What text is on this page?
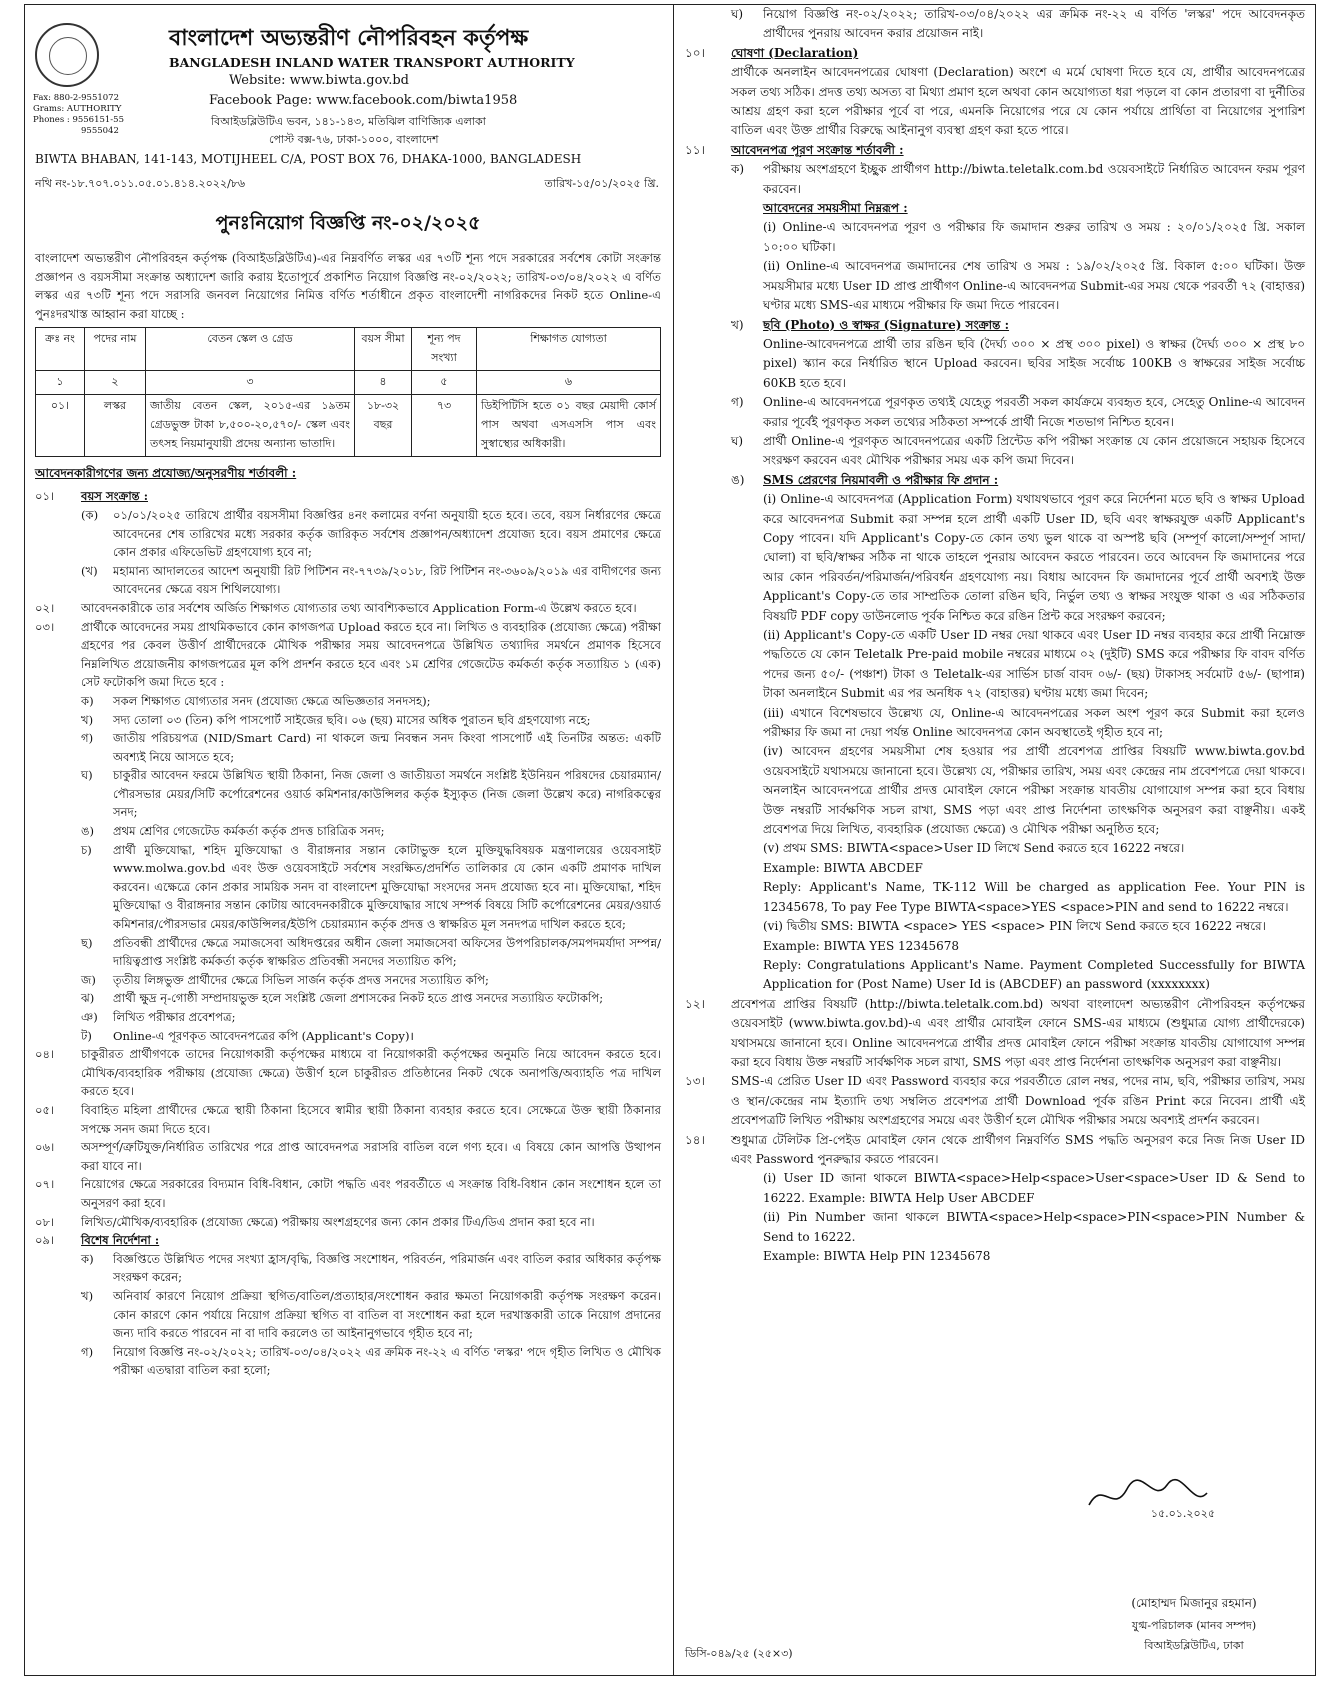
বাংলাদেশ অভ্যন্তরীণ নৌপরিবহন কর্তৃপক্ষ
BANGLADESH INLAND WATER TRANSPORT AUTHORITY
Website: www.biwta.gov.bd
Facebook Page: www.facebook.com/biwta1958
বিআইডব্লিউটিএ ভবন, ১৪১-১৪৩, মতিঝিল বাণিজ্যিক এলাকা
পোস্ট বক্স-৭৬, ঢাকা-১০০০, বাংলাদেশ
Fax: 880-2-9551072
Grams: AUTHORITY
Phones : 9556151-55
9555042
BIWTA BHABAN, 141-143, MOTIJHEEL C/A, POST BOX 76, DHAKA-1000, BANGLADESH
নথি নং-১৮.৭০৭.০১১.০৫.০১.৪১৪.২০২২/৮৬	তারিখ-১৫/০১/২০২৫ খ্রি.
পুনঃনিয়োগ বিজ্ঞপ্তি নং-০২/২০২৫

বাংলাদেশ অভ্যন্তরীণ নৌপরিবহন কর্তৃপক্ষ (বিআইডব্লিউটিএ)-এর নিম্নবর্ণিত লস্কর এর ৭৩টি শূন্য পদে সরকারের সর্বশেষ কোটা সংক্রান্ত প্রজ্ঞাপন ও বয়সসীমা সংক্রান্ত অধ্যাদেশ জারি করায় ইতোপূর্বে প্রকাশিত নিয়োগ বিজ্ঞপ্তি নং-০২/২০২২; তারিখ-০৩/০৪/২০২২ এ বর্ণিত লস্কর এর ৭৩টি শূন্য পদে সরাসরি জনবল নিয়োগের নিমিত্ত বর্ণিত শর্তাধীনে প্রকৃত বাংলাদেশী নাগরিকদের নিকট হতে Online-এ পুনঃদরখাস্ত আহ্বান করা যাচ্ছে :

ক্রঃ নং	পদের নাম	বেতন স্কেল ও গ্রেড	বয়স সীমা	শূন্য পদ সংখ্যা	শিক্ষাগত যোগ্যতা
১	২	৩	৪	৫	৬
০১।	লস্কর	জাতীয় বেতন স্কেল, ২০১৫-এর ১৯তম গ্রেডভুক্ত টাকা ৮,৫০০-২০,৫৭০/- স্কেল এবং তৎসহ নিয়মানুযায়ী প্রদেয় অন্যান্য ভাতাদি।	১৮-৩২ বছর	৭৩	ডিইপিটিসি হতে ০১ বছর মেয়াদী কোর্স পাস অথবা এসএসসি পাস এবং সুস্বাস্থ্যের অধিকারী।
আবেদনকারীগণের জন্য প্রযোজ্য/অনুসরণীয় শর্তাবলী :
০১।	বয়স সংক্রান্ত :
(ক)	০১/০১/২০২৫ তারিখে প্রার্থীর বয়সসীমা বিজ্ঞপ্তির ৪নং কলামের বর্ণনা অনুযায়ী হতে হবে। তবে, বয়স নির্ধারণের ক্ষেত্রে আবেদনের শেষ তারিখের মধ্যে সরকার কর্তৃক জারিকৃত সর্বশেষ প্রজ্ঞাপন/অধ্যাদেশ প্রযোজ্য হবে। বয়স প্রমাণের ক্ষেত্রে কোন প্রকার এফিডেভিট গ্রহণযোগ্য হবে না;
(খ)	মহামান্য আদালতের আদেশ অনুযায়ী রিট পিটিশন নং-৭৭৩৯/২০১৮, রিট পিটিশন নং-৩৬০৯/২০১৯ এর বাদীগণের জন্য আবেদনের ক্ষেত্রে বয়স শিথিলযোগ্য।
০২।	আবেদনকারীকে তার সর্বশেষ অর্জিত শিক্ষাগত যোগ্যতার তথ্য আবশ্যিকভাবে Application Form-এ উল্লেখ করতে হবে।
০৩।	প্রার্থীকে আবেদনের সময় প্রাথমিকভাবে কোন কাগজপত্র Upload করতে হবে না। লিখিত ও ব্যবহারিক (প্রযোজ্য ক্ষেত্রে) পরীক্ষা গ্রহণের পর কেবল উত্তীর্ণ প্রার্থীদেরকে মৌখিক পরীক্ষার সময় আবেদনপত্রে উল্লিখিত তথ্যাদির সমর্থনে প্রমাণক হিসেবে নিম্নলিখিত প্রয়োজনীয় কাগজপত্রের মূল কপি প্রদর্শন করতে হবে এবং ১ম শ্রেণির গেজেটেড কর্মকর্তা কর্তৃক সত্যায়িত ১ (এক) সেট ফটোকপি জমা দিতে হবে :
ক)	সকল শিক্ষাগত যোগ্যতার সনদ (প্রযোজ্য ক্ষেত্রে অভিজ্ঞতার সনদসহ);
খ)	সদ্য তোলা ০৩ (তিন) কপি পাসপোর্ট সাইজের ছবি। ০৬ (ছয়) মাসের অধিক পুরাতন ছবি গ্রহণযোগ্য নহে;
গ)	জাতীয় পরিচয়পত্র (NID/Smart Card) না থাকলে জন্ম নিবন্ধন সনদ কিংবা পাসপোর্ট এই তিনটির অন্তত: একটি অবশ্যই নিয়ে আসতে হবে;
ঘ)	চাকুরীর আবেদন ফরমে উল্লিখিত স্থায়ী ঠিকানা, নিজ জেলা ও জাতীয়তা সমর্থনে সংশ্লিষ্ট ইউনিয়ন পরিষদের চেয়ারম্যান/পৌরসভার মেয়র/সিটি কর্পোরেশনের ওয়ার্ড কমিশনার/কাউন্সিলর কর্তৃক ইস্যুকৃত (নিজ জেলা উল্লেখ করে) নাগরিকত্বের সনদ;
ঙ)	প্রথম শ্রেণির গেজেটেড কর্মকর্তা কর্তৃক প্রদত্ত চারিত্রিক সনদ;
চ)	প্রার্থী মুক্তিযোদ্ধা, শহিদ মুক্তিযোদ্ধা ও বীরাঙ্গনার সন্তান কোটাভুক্ত হলে মুক্তিযুদ্ধবিষয়ক মন্ত্রণালয়ের ওয়েবসাইট www.molwa.gov.bd এবং উক্ত ওয়েবসাইটে সর্বশেষ সংরক্ষিত/প্রদর্শিত তালিকার যে কোন একটি প্রমাণক দাখিল করবেন। এক্ষেত্রে কোন প্রকার সাময়িক সনদ বা বাংলাদেশ মুক্তিযোদ্ধা সংসদের সনদ প্রযোজ্য হবে না। মুক্তিযোদ্ধা, শহিদ মুক্তিযোদ্ধা ও বীরাঙ্গনার সন্তান কোটায় আবেদনকারীকে মুক্তিযোদ্ধার সাথে সম্পর্ক বিষয়ে সিটি কর্পোরেশনের মেয়র/ওয়ার্ড কমিশনার/পৌরসভার মেয়র/কাউন্সিলর/ইউপি চেয়ারম্যান কর্তৃক প্রদত্ত ও স্বাক্ষরিত মূল সনদপত্র দাখিল করতে হবে;
ছ)	প্রতিবন্ধী প্রার্থীদের ক্ষেত্রে সমাজসেবা অধিদপ্তরের অধীন জেলা সমাজসেবা অফিসের উপপরিচালক/সমপদমর্যাদা সম্পন্ন/দায়িত্বপ্রাপ্ত সংশ্লিষ্ট কর্মকর্তা কর্তৃক স্বাক্ষরিত প্রতিবন্ধী সনদের সত্যায়িত কপি;
জ)	তৃতীয় লিঙ্গভুক্ত প্রার্থীদের ক্ষেত্রে সিভিল সার্জন কর্তৃক প্রদত্ত সনদের সত্যায়িত কপি;
ঝ)	প্রার্থী ক্ষুদ্র নৃ-গোষ্ঠী সম্প্রদায়ভুক্ত হলে সংশ্লিষ্ট জেলা প্রশাসকের নিকট হতে প্রাপ্ত সনদের সত্যায়িত ফটোকপি;
ঞ)	লিখিত পরীক্ষার প্রবেশপত্র;
ট)	Online-এ পূরণকৃত আবেদনপত্রের কপি (Applicant's Copy)।
০৪।	চাকুরীরত প্রার্থীগণকে তাদের নিয়োগকারী কর্তৃপক্ষের মাধ্যমে বা নিয়োগকারী কর্তৃপক্ষের অনুমতি নিয়ে আবেদন করতে হবে। মৌখিক/ব্যবহারিক পরীক্ষায় (প্রযোজ্য ক্ষেত্রে) উত্তীর্ণ হলে চাকুরীরত প্রতিষ্ঠানের নিকট থেকে অনাপত্তি/অব্যাহতি পত্র দাখিল করতে হবে।
০৫।	বিবাহিত মহিলা প্রার্থীদের ক্ষেত্রে স্থায়ী ঠিকানা হিসেবে স্বামীর স্থায়ী ঠিকানা ব্যবহার করতে হবে। সেক্ষেত্রে উক্ত স্থায়ী ঠিকানার সপক্ষে সনদ জমা দিতে হবে।
০৬।	অসম্পূর্ণ/ত্রুটিযুক্ত/নির্ধারিত তারিখের পরে প্রাপ্ত আবেদনপত্র সরাসরি বাতিল বলে গণ্য হবে। এ বিষয়ে কোন আপত্তি উত্থাপন করা যাবে না।
০৭।	নিয়োগের ক্ষেত্রে সরকারের বিদ্যমান বিধি-বিধান, কোটা পদ্ধতি এবং পরবর্তীতে এ সংক্রান্ত বিধি-বিধান কোন সংশোধন হলে তা অনুসরণ করা হবে।
০৮।	লিখিত/মৌখিক/ব্যবহারিক (প্রযোজ্য ক্ষেত্রে) পরীক্ষায় অংশগ্রহণের জন্য কোন প্রকার টিএ/ডিএ প্রদান করা হবে না।
০৯।	বিশেষ নির্দেশনা :
ক)	বিজ্ঞপ্তিতে উল্লিখিত পদের সংখ্যা হ্রাস/বৃদ্ধি, বিজ্ঞপ্তি সংশোধন, পরিবর্তন, পরিমার্জন এবং বাতিল করার অধিকার কর্তৃপক্ষ সংরক্ষণ করেন;
খ)	অনিবার্য কারণে নিয়োগ প্রক্রিয়া স্থগিত/বাতিল/প্রত্যাহার/সংশোধন করার ক্ষমতা নিয়োগকারী কর্তৃপক্ষ সংরক্ষণ করেন। কোন কারণে কোন পর্যায়ে নিয়োগ প্রক্রিয়া স্থগিত বা বাতিল বা সংশোধন করা হলে দরখাস্তকারী তাকে নিয়োগ প্রদানের জন্য দাবি করতে পারবেন না বা দাবি করলেও তা আইনানুগভাবে গৃহীত হবে না;
গ)	নিয়োগ বিজ্ঞপ্তি নং-০২/২০২২; তারিখ-০৩/০৪/২০২২ এর ক্রমিক নং-২২ এ বর্ণিত 'লস্কর' পদে গৃহীত লিখিত ও মৌখিক পরীক্ষা এতদ্বারা বাতিল করা হলো;
ঘ)	নিয়োগ বিজ্ঞপ্তি নং-০২/২০২২; তারিখ-০৩/০৪/২০২২ এর ক্রমিক নং-২২ এ বর্ণিত 'লস্কর' পদে আবেদনকৃত প্রার্থীদের পুনরায় আবেদন করার প্রয়োজন নাই।
১০।	ঘোষণা (Declaration)
প্রার্থীকে অনলাইন আবেদনপত্রের ঘোষণা (Declaration) অংশে এ মর্মে ঘোষণা দিতে হবে যে, প্রার্থীর আবেদনপত্রের সকল তথ্য সঠিক। প্রদত্ত তথ্য অসত্য বা মিথ্যা প্রমাণ হলে অথবা কোন অযোগ্যতা ধরা পড়লে বা কোন প্রতারণা বা দুর্নীতির আশ্রয় গ্রহণ করা হলে পরীক্ষার পূর্বে বা পরে, এমনকি নিয়োগের পরে যে কোন পর্যায়ে প্রার্থিতা বা নিয়োগের সুপারিশ বাতিল এবং উক্ত প্রার্থীর বিরুদ্ধে আইনানুগ ব্যবস্থা গ্রহণ করা হতে পারে।
১১।	আবেদনপত্র পূরণ সংক্রান্ত শর্তাবলী :
ক)	পরীক্ষায় অংশগ্রহণে ইচ্ছুক প্রার্থীগণ http://biwta.teletalk.com.bd ওয়েবসাইটে নির্ধারিত আবেদন ফরম পূরণ করবেন।
আবেদনের সময়সীমা নিম্নরূপ :
(i) Online-এ আবেদনপত্র পূরণ ও পরীক্ষার ফি জমাদান শুরুর তারিখ ও সময় : ২০/০১/২০২৫ খ্রি. সকাল ১০:০০ ঘটিকা।
(ii) Online-এ আবেদনপত্র জমাদানের শেষ তারিখ ও সময় : ১৯/০২/২০২৫ খ্রি. বিকাল ৫:০০ ঘটিকা। উক্ত সময়সীমার মধ্যে User ID প্রাপ্ত প্রার্থীগণ Online-এ আবেদনপত্র Submit-এর সময় থেকে পরবর্তী ৭২ (বাহাত্তর) ঘণ্টার মধ্যে SMS-এর মাধ্যমে পরীক্ষার ফি জমা দিতে পারবেন।
খ)	ছবি (Photo) ও স্বাক্ষর (Signature) সংক্রান্ত :
Online-আবেদনপত্রে প্রার্থী তার রঙিন ছবি (দৈর্ঘ্য ৩০০ × প্রস্থ ৩০০ pixel) ও স্বাক্ষর (দৈর্ঘ্য ৩০০ × প্রস্থ ৮০ pixel) স্ক্যান করে নির্ধারিত স্থানে Upload করবেন। ছবির সাইজ সর্বোচ্চ 100KB ও স্বাক্ষরের সাইজ সর্বোচ্চ 60KB হতে হবে।
গ)	Online-এ আবেদনপত্রে পূরণকৃত তথ্যই যেহেতু পরবর্তী সকল কার্যক্রমে ব্যবহৃত হবে, সেহেতু Online-এ আবেদন করার পূর্বেই পূরণকৃত সকল তথ্যের সঠিকতা সম্পর্কে প্রার্থী নিজে শতভাগ নিশ্চিত হবেন।
ঘ)	প্রার্থী Online-এ পূরণকৃত আবেদনপত্রের একটি প্রিন্টেড কপি পরীক্ষা সংক্রান্ত যে কোন প্রয়োজনে সহায়ক হিসেবে সংরক্ষণ করবেন এবং মৌখিক পরীক্ষার সময় এক কপি জমা দিবেন।
ঙ)	SMS প্রেরণের নিয়মাবলী ও পরীক্ষার ফি প্রদান :
(i) Online-এ আবেদনপত্র (Application Form) যথাযথভাবে পূরণ করে নির্দেশনা মতে ছবি ও স্বাক্ষর Upload করে আবেদনপত্র Submit করা সম্পন্ন হলে প্রার্থী একটি User ID, ছবি এবং স্বাক্ষরযুক্ত একটি Applicant's Copy পাবেন। যদি Applicant's Copy-তে কোন তথ্য ভুল থাকে বা অস্পষ্ট ছবি (সম্পূর্ণ কালো/সম্পূর্ণ সাদা/ঘোলা) বা ছবি/স্বাক্ষর সঠিক না থাকে তাহলে পুনরায় আবেদন করতে পারবেন। তবে আবেদন ফি জমাদানের পরে আর কোন পরিবর্তন/পরিমার্জন/পরিবর্ধন গ্রহণযোগ্য নয়। বিধায় আবেদন ফি জমাদানের পূর্বে প্রার্থী অবশ্যই উক্ত Applicant's Copy-তে তার সাম্প্রতিক তোলা রঙিন ছবি, নির্ভুল তথ্য ও স্বাক্ষর সংযুক্ত থাকা ও এর সঠিকতার বিষয়টি PDF copy ডাউনলোড পূর্বক নিশ্চিত করে রঙিন প্রিন্ট করে সংরক্ষণ করবেন;
(ii) Applicant's Copy-তে একটি User ID নম্বর দেয়া থাকবে এবং User ID নম্বর ব্যবহার করে প্রার্থী নিম্নোক্ত পদ্ধতিতে যে কোন Teletalk Pre-paid mobile নম্বরের মাধ্যমে ০২ (দুইটি) SMS করে পরীক্ষার ফি বাবদ বর্ণিত পদের জন্য ৫০/- (পঞ্চাশ) টাকা ও Teletalk-এর সার্ভিস চার্জ বাবদ ০৬/- (ছয়) টাকাসহ সর্বমোট ৫৬/- (ছাপান্ন) টাকা অনলাইনে Submit এর পর অনধিক ৭২ (বাহাত্তর) ঘণ্টায় মধ্যে জমা দিবেন;
(iii) এখানে বিশেষভাবে উল্লেখ্য যে, Online-এ আবেদনপত্রের সকল অংশ পূরণ করে Submit করা হলেও পরীক্ষার ফি জমা না দেয়া পর্যন্ত Online আবেদনপত্র কোন অবস্থাতেই গৃহীত হবে না;
(iv) আবেদন গ্রহণের সময়সীমা শেষ হওয়ার পর প্রার্থী প্রবেশপত্র প্রাপ্তির বিষয়টি www.biwta.gov.bd ওয়েবসাইটে যথাসময়ে জানানো হবে। উল্লেখ্য যে, পরীক্ষার তারিখ, সময় এবং কেন্দ্রের নাম প্রবেশপত্রে দেয়া থাকবে। অনলাইন আবেদনপত্রে প্রার্থীর প্রদত্ত মোবাইল ফোনে পরীক্ষা সংক্রান্ত যাবতীয় যোগাযোগ সম্পন্ন করা হবে বিধায় উক্ত নম্বরটি সার্বক্ষণিক সচল রাখা, SMS পড়া এবং প্রাপ্ত নির্দেশনা তাৎক্ষণিক অনুসরণ করা বাঞ্ছনীয়। একই প্রবেশপত্র দিয়ে লিখিত, ব্যবহারিক (প্রযোজ্য ক্ষেত্রে) ও মৌখিক পরীক্ষা অনুষ্ঠিত হবে;
(v) প্রথম SMS: BIWTA<space>User ID লিখে Send করতে হবে 16222 নম্বরে।
Example: BIWTA ABCDEF
Reply: Applicant's Name, TK-112 Will be charged as application Fee. Your PIN is 12345678, To pay Fee Type BIWTA<space>YES <space>PIN and send to 16222 নম্বরে।
(vi) দ্বিতীয় SMS: BIWTA <space> YES <space> PIN লিখে Send করতে হবে 16222 নম্বরে।
Example: BIWTA YES 12345678
Reply: Congratulations Applicant's Name. Payment Completed Successfully for BIWTA Application for (Post Name) User Id is (ABCDEF) an password (xxxxxxxx)
১২।	প্রবেশপত্র প্রাপ্তির বিষয়টি (http://biwta.teletalk.com.bd) অথবা বাংলাদেশ অভ্যন্তরীণ নৌপরিবহন কর্তৃপক্ষের ওয়েবসাইট (www.biwta.gov.bd)-এ এবং প্রার্থীর মোবাইল ফোনে SMS-এর মাধ্যমে (শুধুমাত্র যোগ্য প্রার্থীদেরকে) যথাসময়ে জানানো হবে। Online আবেদনপত্রে প্রার্থীর প্রদত্ত মোবাইল ফোনে পরীক্ষা সংক্রান্ত যাবতীয় যোগাযোগ সম্পন্ন করা হবে বিধায় উক্ত নম্বরটি সার্বক্ষণিক সচল রাখা, SMS পড়া এবং প্রাপ্ত নির্দেশনা তাৎক্ষণিক অনুসরণ করা বাঞ্ছনীয়।
১৩।	SMS-এ প্রেরিত User ID এবং Password ব্যবহার করে পরবর্তীতে রোল নম্বর, পদের নাম, ছবি, পরীক্ষার তারিখ, সময় ও স্থান/কেন্দ্রের নাম ইত্যাদি তথ্য সম্বলিত প্রবেশপত্র প্রার্থী Download পূর্বক রঙিন Print করে নিবেন। প্রার্থী এই প্রবেশপত্রটি লিখিত পরীক্ষায় অংশগ্রহণের সময়ে এবং উত্তীর্ণ হলে মৌখিক পরীক্ষার সময়ে অবশ্যই প্রদর্শন করবেন।
১৪।	শুধুমাত্র টেলিটক প্রি-পেইড মোবাইল ফোন থেকে প্রার্থীগণ নিম্নবর্ণিত SMS পদ্ধতি অনুসরণ করে নিজ নিজ User ID এবং Password পুনরুদ্ধার করতে পারবেন।
(i) User ID জানা থাকলে BIWTA<space>Help<space>User<space>User ID & Send to 16222. Example: BIWTA Help User ABCDEF
(ii) Pin Number জানা থাকলে BIWTA<space>Help<space>PIN<space>PIN Number & Send to 16222.
Example: BIWTA Help PIN 12345678
১৫.০১.২০২৫
(মোহাম্মদ মিজানুর রহমান)
যুগ্ম-পরিচালক (মানব সম্পদ)
বিআইডব্লিউটিএ, ঢাকা
ডিসি-০৪৯/২৫ (২৫×৩)
